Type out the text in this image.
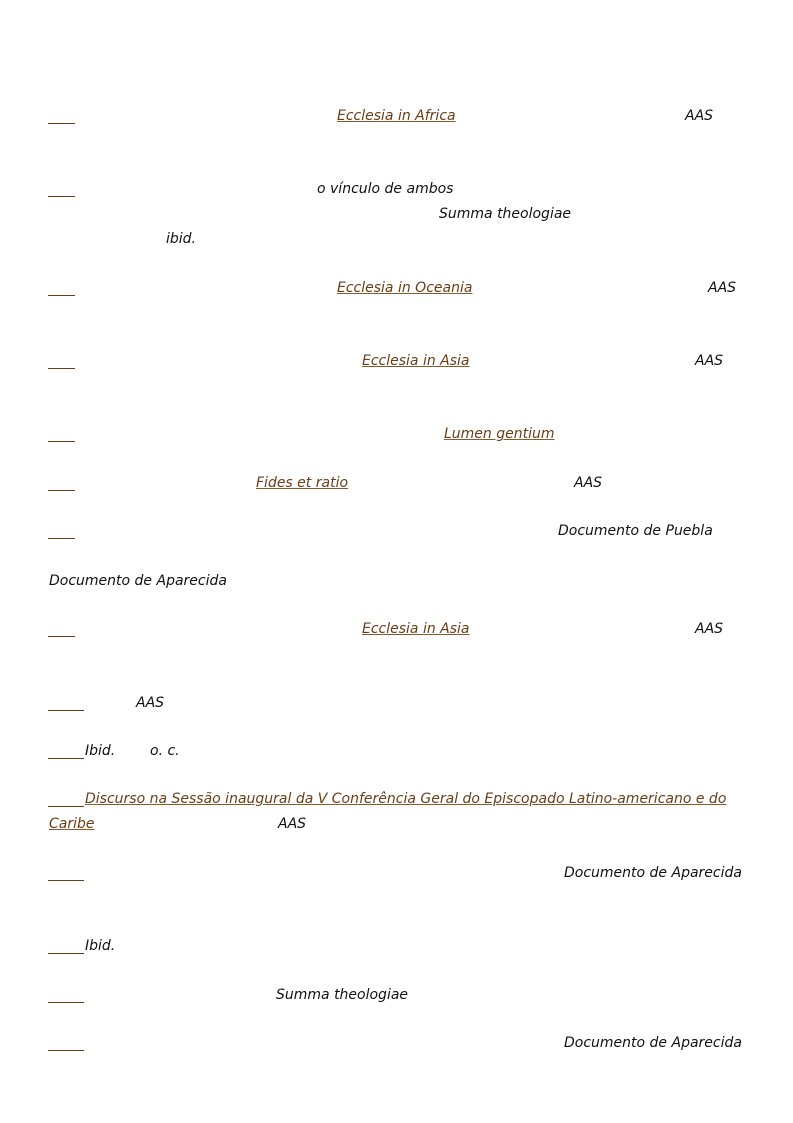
Ecclesia in Africa	AAS
o vínculo de ambos
Summa theologiae
ibid.
Ecclesia in Oceania	AAS
Ecclesia in Asia	AAS
Lumen gentium
Fides et ratio	AAS
Documento de Puebla
Documento de Aparecida
Ecclesia in Asia	AAS
AAS
Ibid. o. c.
Discurso na Sessão inaugural da V Conferência Geral do Episcopado Latino-americano e do
Caribe	AAS
Documento de Aparecida
Ibid.
Summa theologiae
Documento de Aparecida
